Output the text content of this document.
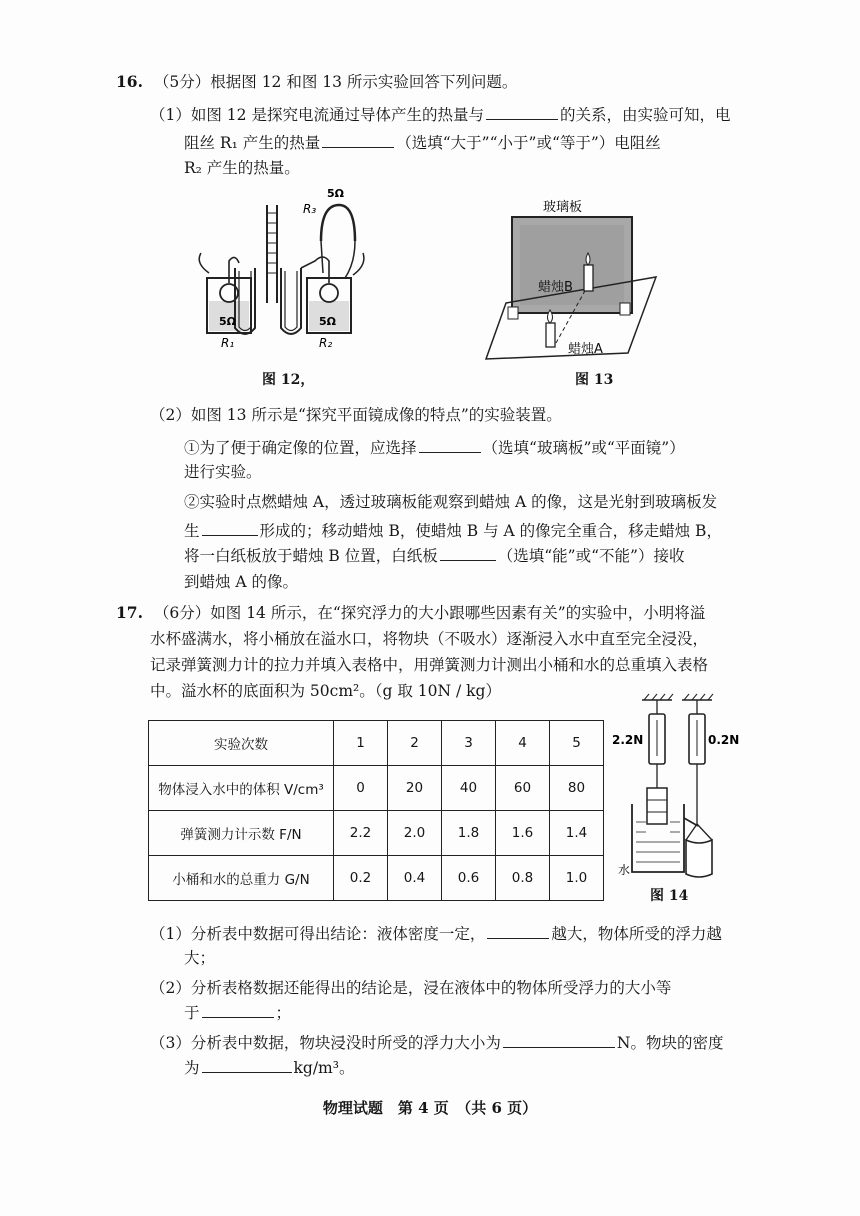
16. （5分）根据图 12 和图 13 所示实验回答下列问题。
（1）如图 12 是探究电流通过导体产生的热量与	的关系，由实验可知，电
阻丝 R₁ 产生的热量	（选填“大于”“小于”或“等于”）电阻丝
R₂ 产生的热量。
5Ω
R₃
5Ω	5Ω
R₁	R₂
图 12，
玻璃板
蜡烛B
蜡烛A
图 13
（2）如图 13 所示是“探究平面镜成像的特点”的实验装置。
①为了便于确定像的位置，应选择	（选填“玻璃板”或“平面镜”）
进行实验。
②实验时点燃蜡烛 A，透过玻璃板能观察到蜡烛 A 的像，这是光射到玻璃板发
生	形成的；移动蜡烛 B，使蜡烛 B 与 A 的像完全重合，移走蜡烛 B，
将一白纸板放于蜡烛 B 位置，白纸板	（选填“能”或“不能”）接收
到蜡烛 A 的像。
17. （6分）如图 14 所示，在“探究浮力的大小跟哪些因素有关”的实验中，小明将溢
水杯盛满水，将小桶放在溢水口，将物块（不吸水）逐渐浸入水中直至完全浸没，
记录弹簧测力计的拉力并填入表格中，用弹簧测力计测出小桶和水的总重填入表格
中。溢水杯的底面积为 50cm²。（g 取 10N / kg）
实验次数	1	2	3	4	5
物体浸入水中的体积 V/cm³	0	20	40	60	80
弹簧测力计示数 F/N	2.2	2.0	1.8	1.6	1.4
小桶和水的总重力 G/N	0.2	0.4	0.6	0.8	1.0
2.2N	0.2N
水
图 14
（1）分析表中数据可得出结论：液体密度一定，	越大，物体所受的浮力越
大；
（2）分析表格数据还能得出的结论是，浸在液体中的物体所受浮力的大小等
于	；
（3）分析表中数据，物块浸没时所受的浮力大小为	N。物块的密度
为	kg/m³。
物理试题　第 4 页　（共 6 页）
